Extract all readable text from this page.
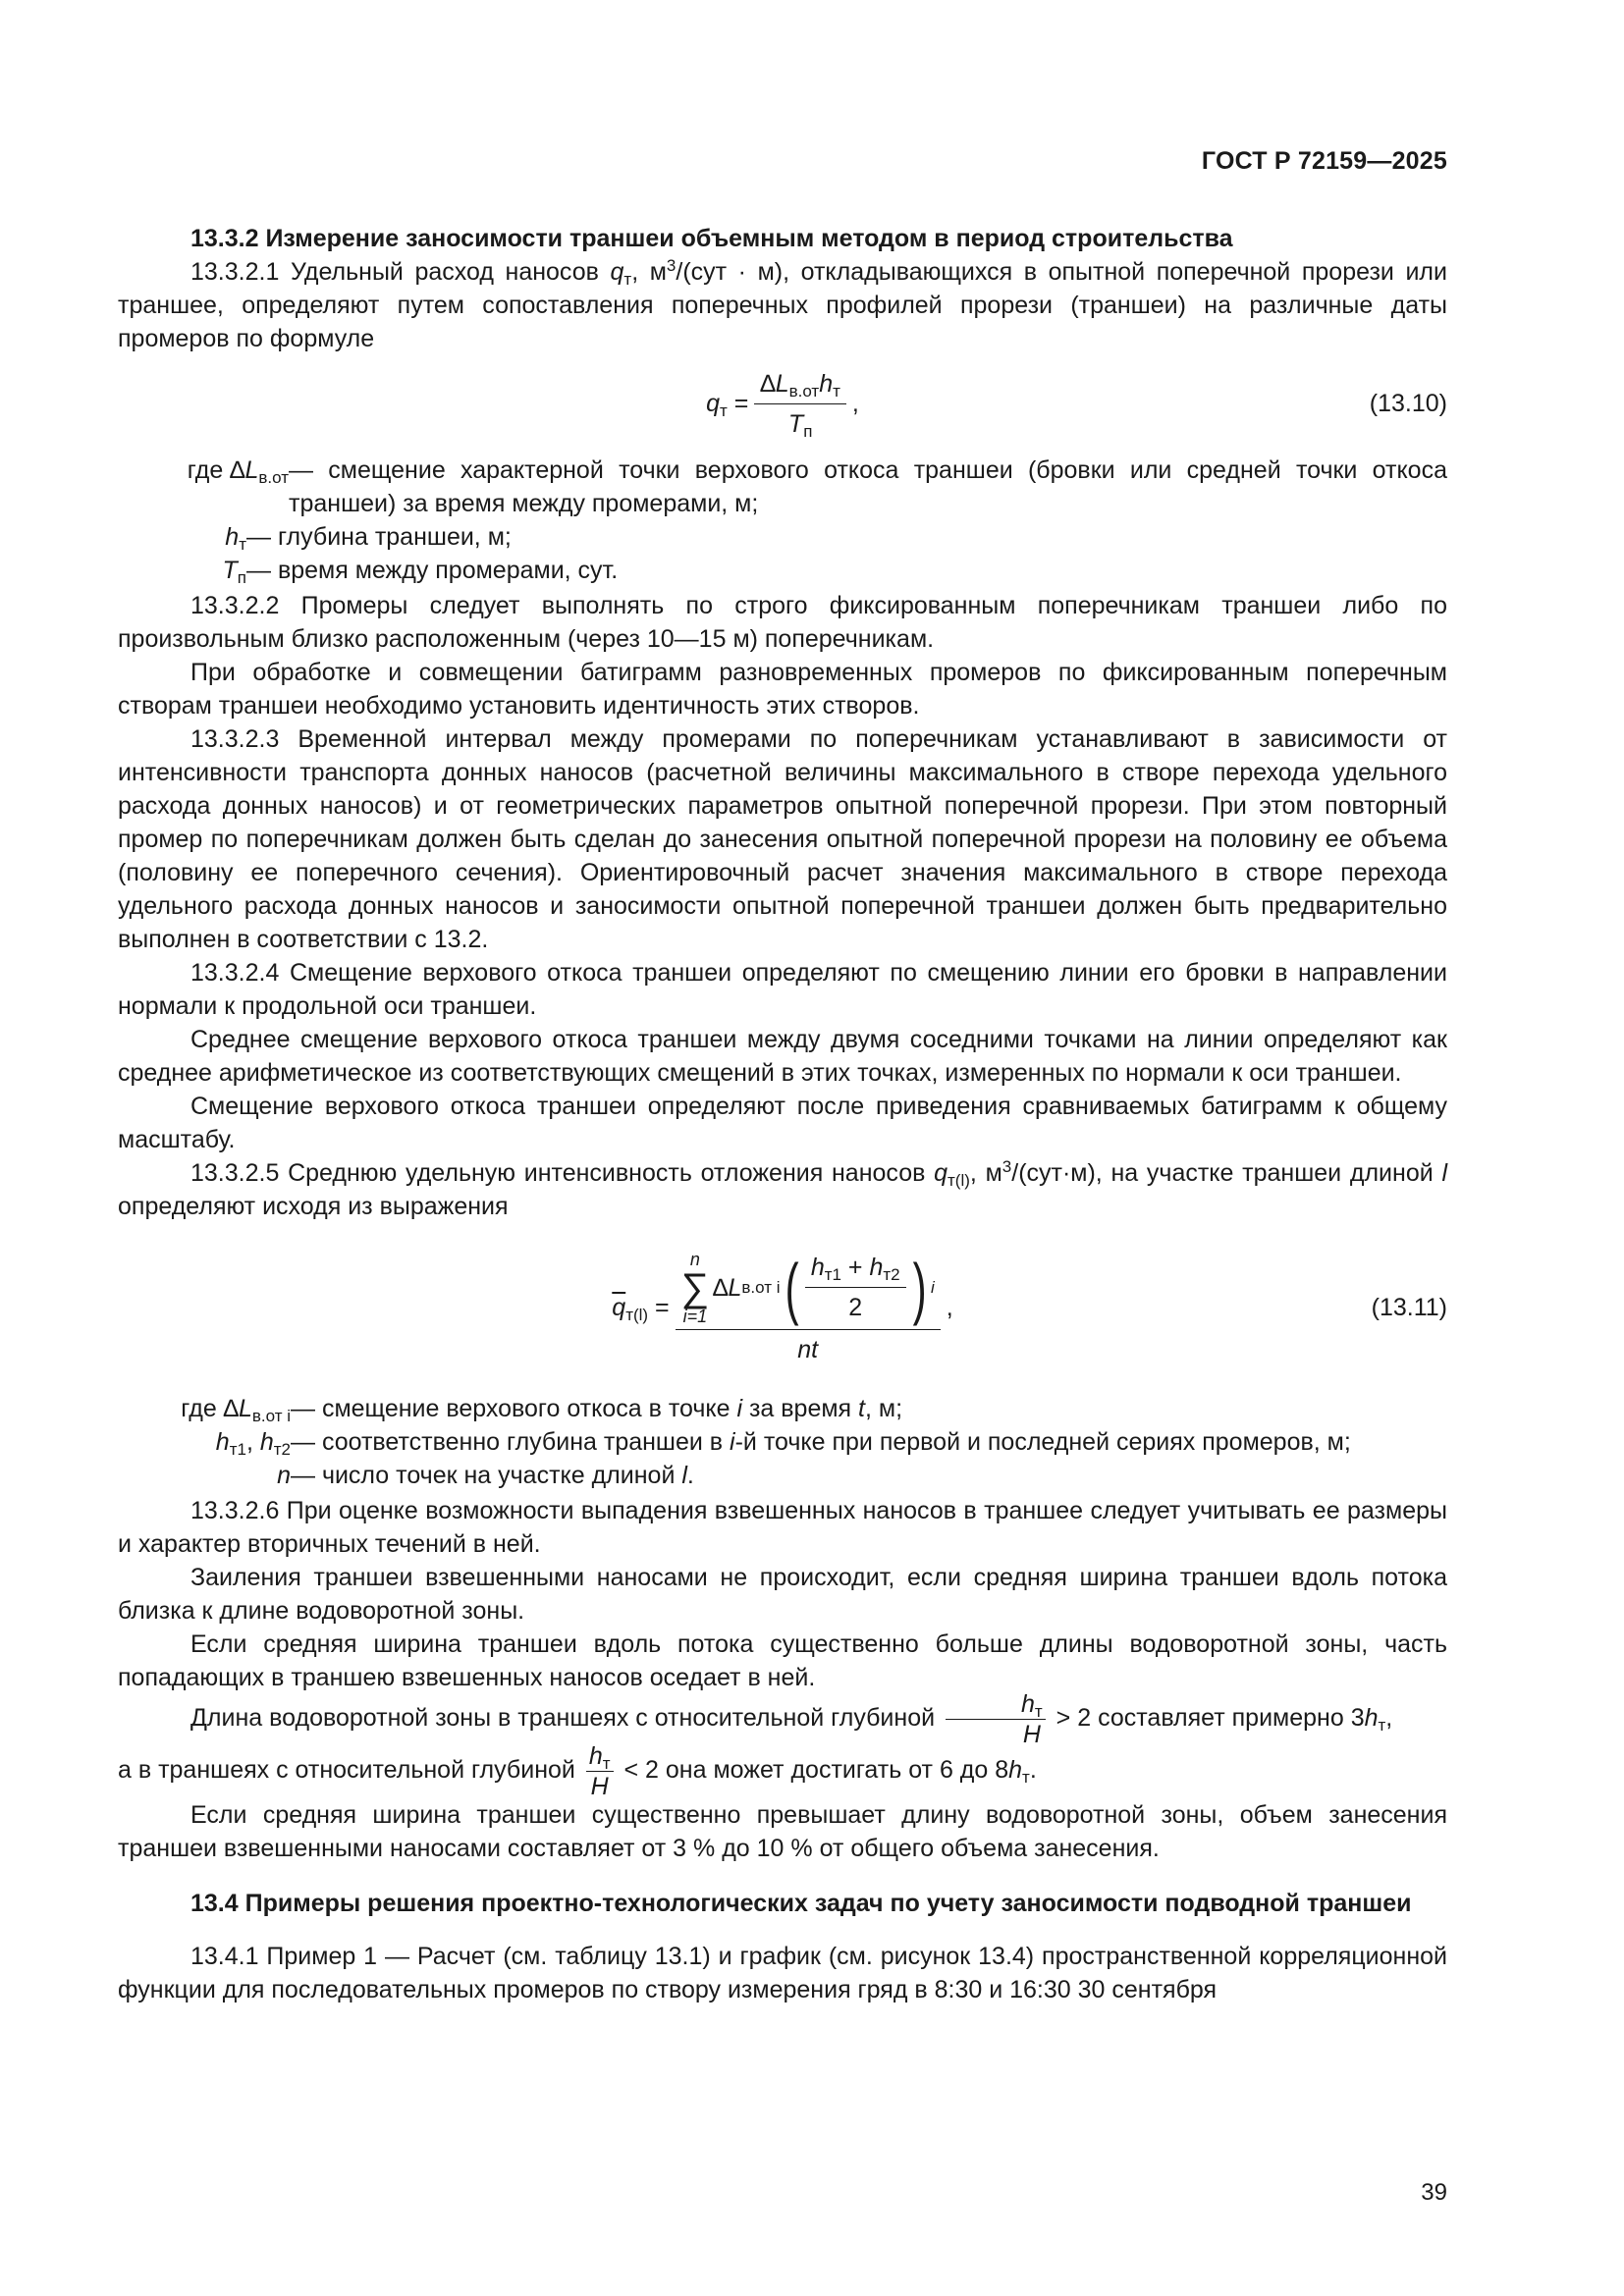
ГОСТ Р 72159—2025

13.3.2 Измерение заносимости траншеи объемным методом в период строительства

13.3.2.1 Удельный расход наносов $q_т$, $м^3/(сут \cdot м)$, откладывающихся в опытной поперечной прорези или траншее, определяют путем сопоставления поперечных профилей прорези (траншеи) на различные даты промеров по формуле

$q_т = \frac{\Delta L_{в.от}h_т}{T_п}$ ,	(13.10)
где $\Delta L_{в.от}$ — смещение характерной точки верхового откоса траншеи (бровки или средней точки откоса траншеи) за время между промерами, м;
$h_т$ — глубина траншеи, м;
$T_п$ — время между промерами, сут.

13.3.2.2 Промеры следует выполнять по строго фиксированным поперечникам траншеи либо по произвольным близко расположенным (через 10—15 м) поперечникам.

При обработке и совмещении батиграмм разновременных промеров по фиксированным поперечным створам траншеи необходимо установить идентичность этих створов.

13.3.2.3 Временной интервал между промерами по поперечникам устанавливают в зависимости от интенсивности транспорта донных наносов (расчетной величины максимального в створе перехода удельного расхода донных наносов) и от геометрических параметров опытной поперечной прорези. При этом повторный промер по поперечникам должен быть сделан до занесения опытной поперечной прорези на половину ее объема (половину ее поперечного сечения). Ориентировочный расчет значения максимального в створе перехода удельного расхода донных наносов и заносимости опытной поперечной траншеи должен быть предварительно выполнен в соответствии с 13.2.

13.3.2.4 Смещение верхового откоса траншеи определяют по смещению линии его бровки в направлении нормали к продольной оси траншеи.

Среднее смещение верхового откоса траншеи между двумя соседними точками на линии определяют как среднее арифметическое из соответствующих смещений в этих точках, измеренных по нормали к оси траншеи.

Смещение верхового откоса траншеи определяют после приведения сравниваемых батиграмм к общему масштабу.

13.3.2.5 Среднюю удельную интенсивность отложения наносов $q_{т(l)}$, $м^3/(сут\cdot м)$, на участке траншеи длиной l определяют исходя из выражения

$\overline{q}_{т(l)}$ =
n
∑
i=1
∆ L в.от i ( $\frac{h_{т1} + h_{т2}}{2}$ ) i
nt
,	(13.11)
где $\Delta L_{в.от i}$ — смещение верхового откоса в точке i за время t, м;
$h_{т1}$, $h_{т2}$ — соответственно глубина траншеи в i-й точке при первой и последней сериях промеров, м;
n — число точек на участке длиной l.

13.3.2.6 При оценке возможности выпадения взвешенных наносов в траншее следует учитывать ее размеры и характер вторичных течений в ней.

Заиления траншеи взвешенными наносами не происходит, если средняя ширина траншеи вдоль потока близка к длине водоворотной зоны.

Если средняя ширина траншеи вдоль потока существенно больше длины водоворотной зоны, часть попадающих в траншею взвешенных наносов оседает в ней.

Длина водоворотной зоны в траншеях с относительной глубиной $\frac{h_т}{H} > 2$ составляет примерно $3h_т$,

а в траншеях с относительной глубиной $\frac{h_т}{H} < 2$ она может достигать от 6 до $8h_т$.

Если средняя ширина траншеи существенно превышает длину водоворотной зоны, объем занесения траншеи взвешенными наносами составляет от 3 % до 10 % от общего объема занесения.

13.4 Примеры решения проектно-технологических задач по учету заносимости подводной траншеи

13.4.1 Пример 1 — Расчет (см. таблицу 13.1) и график (см. рисунок 13.4) пространственной корреляционной функции для последовательных промеров по створу измерения гряд в 8:30 и 16:30 30 сентября

39
